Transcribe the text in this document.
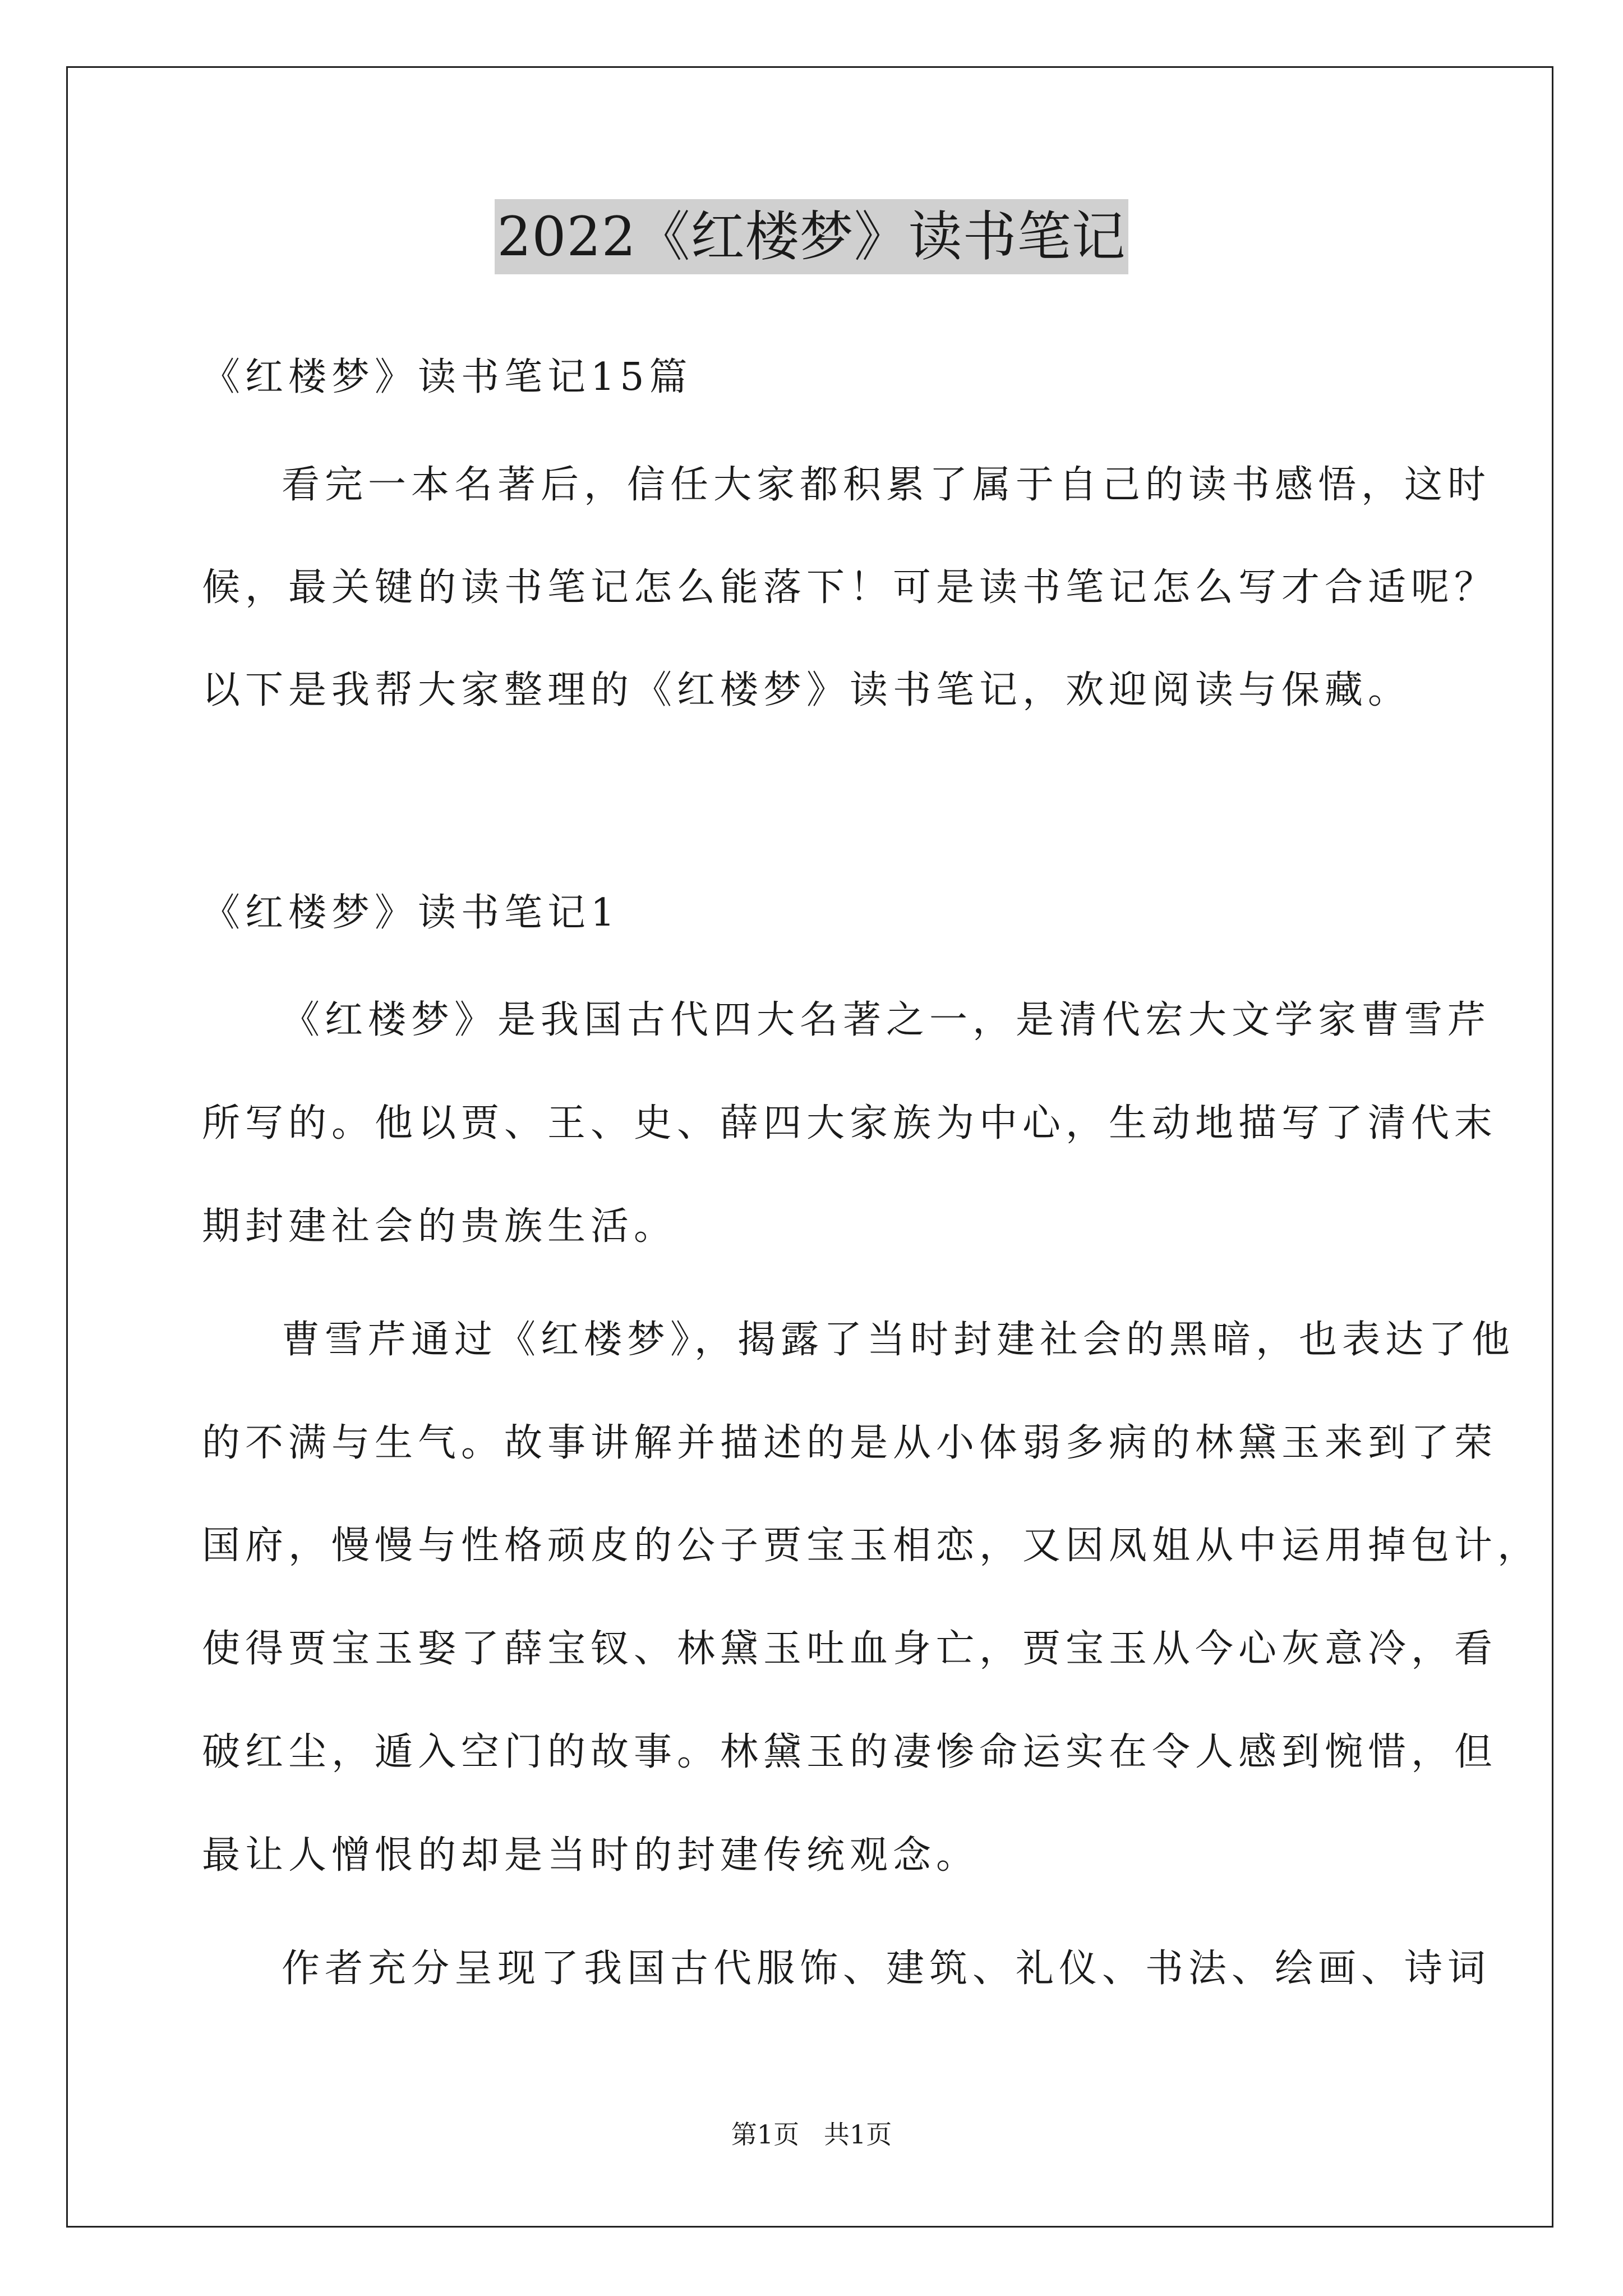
2022《红楼梦》读书笔记
《红楼梦》读书笔记15篇
看完一本名著后，信任大家都积累了属于自己的读书感悟，这时
候，最关键的读书笔记怎么能落下！可是读书笔记怎么写才合适呢？
以下是我帮大家整理的《红楼梦》读书笔记，欢迎阅读与保藏。
《红楼梦》读书笔记1
《红楼梦》是我国古代四大名著之一，是清代宏大文学家曹雪芹
所写的。他以贾、王、史、薛四大家族为中心，生动地描写了清代末
期封建社会的贵族生活。
曹雪芹通过《红楼梦》，揭露了当时封建社会的黑暗，也表达了他
的不满与生气。故事讲解并描述的是从小体弱多病的林黛玉来到了荣
国府，慢慢与性格顽皮的公子贾宝玉相恋，又因凤姐从中运用掉包计，
使得贾宝玉娶了薛宝钗、林黛玉吐血身亡，贾宝玉从今心灰意冷，看
破红尘，遁入空门的故事。林黛玉的凄惨命运实在令人感到惋惜，但
最让人憎恨的却是当时的封建传统观念。
作者充分呈现了我国古代服饰、建筑、礼仪、书法、绘画、诗词
第1页   共1页
